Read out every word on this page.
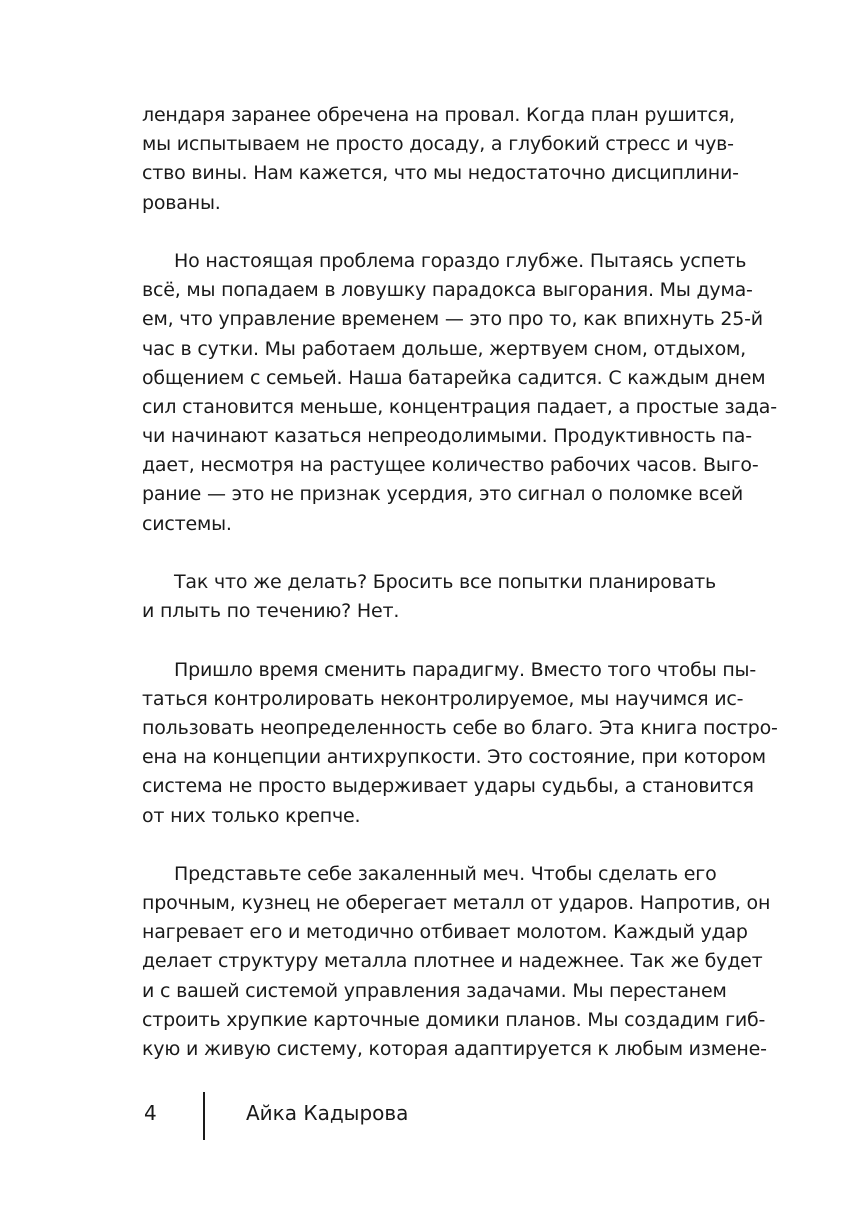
лендаря заранее обречена на провал. Когда план рушится,
мы испытываем не просто досаду, а глубокий стресс и чув-
ство вины. Нам кажется, что мы недостаточно дисциплини-
рованы.

Но настоящая проблема гораздо глубже. Пытаясь успеть
всё, мы попадаем в ловушку парадокса выгорания. Мы дума-
ем, что управление временем — это про то, как впихнуть 25-й
час в сутки. Мы работаем дольше, жертвуем сном, отдыхом,
общением с семьей. Наша батарейка садится. С каждым днем
сил становится меньше, концентрация падает, а простые зада-
чи начинают казаться непреодолимыми. Продуктивность па-
дает, несмотря на растущее количество рабочих часов. Выго-
рание — это не признак усердия, это сигнал о поломке всей
системы.

Так что же делать? Бросить все попытки планировать
и плыть по течению? Нет.

Пришло время сменить парадигму. Вместо того чтобы пы-
таться контролировать неконтролируемое, мы научимся ис-
пользовать неопределенность себе во благо. Эта книга постро-
ена на концепции антихрупкости. Это состояние, при котором
система не просто выдерживает удары судьбы, а становится
от них только крепче.

Представьте себе закаленный меч. Чтобы сделать его
прочным, кузнец не оберегает металл от ударов. Напротив, он
нагревает его и методично отбивает молотом. Каждый удар
делает структуру металла плотнее и надежнее. Так же будет
и с вашей системой управления задачами. Мы перестанем
строить хрупкие карточные домики планов. Мы создадим гиб-
кую и живую систему, которая адаптируется к любым измене-

4	Айка Кадырова
